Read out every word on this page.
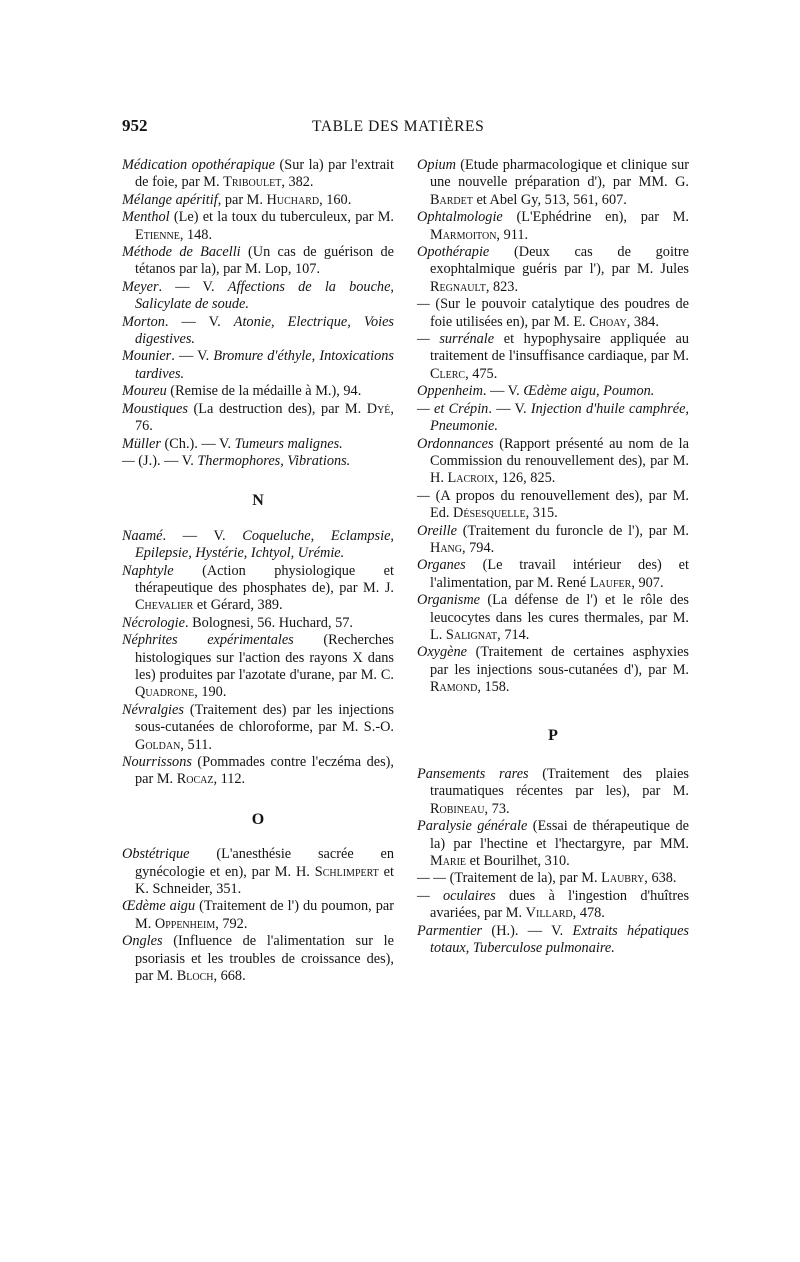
952	TABLE DES MATIÈRES

Médication opothérapique (Sur la) par l'extrait de foie, par M. Triboulet, 382.

Mélange apéritif, par M. Huchard, 160.

Menthol (Le) et la toux du tuberculeux, par M. Etienne, 148.

Méthode de Bacelli (Un cas de guérison de tétanos par la), par M. Lop, 107.

Meyer. — V. Affections de la bouche, Salicylate de soude.

Morton. — V. Atonie, Electrique, Voies digestives.

Mounier. — V. Bromure d'éthyle, Intoxications tardives.

Moureu (Remise de la médaille à M.), 94.

Moustiques (La destruction des), par M. Dyé, 76.

Müller (Ch.). — V. Tumeurs malignes.

— (J.). — V. Thermophores, Vibrations.

N

Naamé. — V. Coqueluche, Eclampsie, Epilepsie, Hystérie, Ichtyol, Urémie.

Naphtyle (Action physiologique et thérapeutique des phosphates de), par M. J. Chevalier et Gérard, 389.

Nécrologie. Bolognesi, 56. Huchard, 57.

Néphrites expérimentales (Recherches histologiques sur l'action des rayons X dans les) produites par l'azotate d'urane, par M. C. Quadrone, 190.

Névralgies (Traitement des) par les injections sous-cutanées de chloroforme, par M. S.-O. Goldan, 511.

Nourrissons (Pommades contre l'eczéma des), par M. Rocaz, 112.

O

Obstétrique (L'anesthésie sacrée en gynécologie et en), par M. H. Schlimpert et K. Schneider, 351.

Œdème aigu (Traitement de l') du poumon, par M. Oppenheim, 792.

Ongles (Influence de l'alimentation sur le psoriasis et les troubles de croissance des), par M. Bloch, 668.

Opium (Etude pharmacologique et clinique sur une nouvelle préparation d'), par MM. G. Bardet et Abel Gy, 513, 561, 607.

Ophtalmologie (L'Ephédrine en), par M. Marmoiton, 911.

Opothérapie (Deux cas de goitre exophtalmique guéris par l'), par M. Jules Regnault, 823.

— (Sur le pouvoir catalytique des poudres de foie utilisées en), par M. E. Choay, 384.

— surrénale et hypophysaire appliquée au traitement de l'insuffisance cardiaque, par M. Clerc, 475.

Oppenheim. — V. Œdème aigu, Poumon.

— et Crépin. — V. Injection d'huile camphrée, Pneumonie.

Ordonnances (Rapport présenté au nom de la Commission du renouvellement des), par M. H. Lacroix, 126, 825.

— (A propos du renouvellement des), par M. Ed. Désesquelle, 315.

Oreille (Traitement du furoncle de l'), par M. Hang, 794.

Organes (Le travail intérieur des) et l'alimentation, par M. René Laufer, 907.

Organisme (La défense de l') et le rôle des leucocytes dans les cures thermales, par M. L. Salignat, 714.

Oxygène (Traitement de certaines asphyxies par les injections sous-cutanées d'), par M. Ramond, 158.

P

Pansements rares (Traitement des plaies traumatiques récentes par les), par M. Robineau, 73.

Paralysie générale (Essai de thérapeutique de la) par l'hectine et l'hectargyre, par MM. Marie et Bourilhet, 310.

— — (Traitement de la), par M. Laubry, 638.

— oculaires dues à l'ingestion d'huîtres avariées, par M. Villard, 478.

Parmentier (H.). — V. Extraits hépatiques totaux, Tuberculose pulmonaire.
